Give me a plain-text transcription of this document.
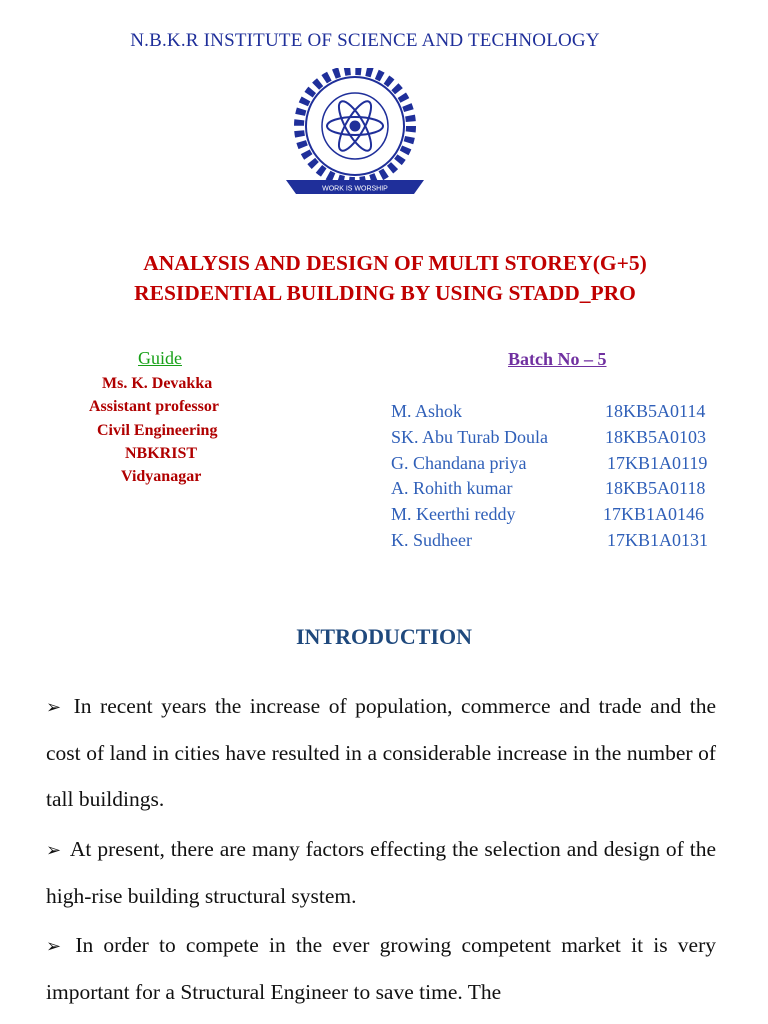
N.B.K.R INSTITUTE OF SCIENCE AND TECHNOLOGY
WORK IS WORSHIP
ANALYSIS AND DESIGN OF MULTI STOREY(G+5)
RESIDENTIAL BUILDING BY USING STADD_PRO
Guide
Ms. K. Devakka
Assistant professor
Civil Engineering
NBKRIST
Vidyanagar
Batch No – 5
M. Ashok	18KB5A0114
SK. Abu Turab Doula	18KB5A0103
G. Chandana priya	17KB1A0119
A. Rohith kumar	18KB5A0118
M. Keerthi reddy	17KB1A0146
K. Sudheer	17KB1A0131
INTRODUCTION
➢ In recent years the increase of population, commerce and trade and the cost of land in cities have resulted in a considerable increase in the number of tall buildings.
➢ At present, there are many factors effecting the selection and design of the high-rise building structural system.
➢ In order to compete in the ever growing competent market it is very important for a Structural Engineer to save time. The
